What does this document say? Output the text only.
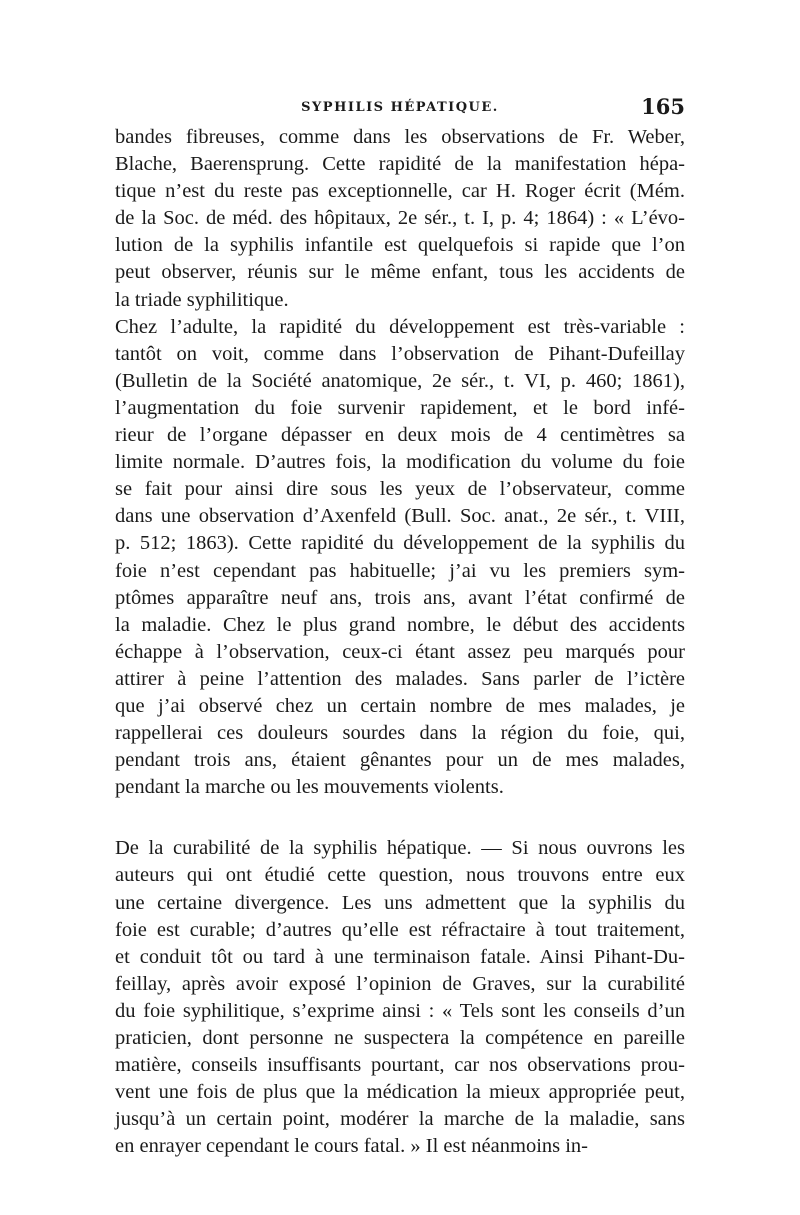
SYPHILIS HÉPATIQUE.	165
bandes fibreuses, comme dans les observations de Fr. Weber,
Blache, Baerensprung. Cette rapidité de la manifestation hépa-
tique n’est du reste pas exceptionnelle, car H. Roger écrit (Mém.
de la Soc. de méd. des hôpitaux, 2e sér., t. I, p. 4; 1864) : « L’évo-
lution de la syphilis infantile est quelquefois si rapide que l’on
peut observer, réunis sur le même enfant, tous les accidents de
la triade syphilitique.
Chez l’adulte, la rapidité du développement est très-variable :
tantôt on voit, comme dans l’observation de Pihant-Dufeillay
(Bulletin de la Société anatomique, 2e sér., t. VI, p. 460; 1861),
l’augmentation du foie survenir rapidement, et le bord infé-
rieur de l’organe dépasser en deux mois de 4 centimètres sa
limite normale. D’autres fois, la modification du volume du foie
se fait pour ainsi dire sous les yeux de l’observateur, comme
dans une observation d’Axenfeld (Bull. Soc. anat., 2e sér., t. VIII,
p. 512; 1863). Cette rapidité du développement de la syphilis du
foie n’est cependant pas habituelle; j’ai vu les premiers sym-
ptômes apparaître neuf ans, trois ans, avant l’état confirmé de
la maladie. Chez le plus grand nombre, le début des accidents
échappe à l’observation, ceux-ci étant assez peu marqués pour
attirer à peine l’attention des malades. Sans parler de l’ictère
que j’ai observé chez un certain nombre de mes malades, je
rappellerai ces douleurs sourdes dans la région du foie, qui,
pendant trois ans, étaient gênantes pour un de mes malades,
pendant la marche ou les mouvements violents.
De la curabilité de la syphilis hépatique. — Si nous ouvrons les
auteurs qui ont étudié cette question, nous trouvons entre eux
une certaine divergence. Les uns admettent que la syphilis du
foie est curable; d’autres qu’elle est réfractaire à tout traitement,
et conduit tôt ou tard à une terminaison fatale. Ainsi Pihant-Du-
feillay, après avoir exposé l’opinion de Graves, sur la curabilité
du foie syphilitique, s’exprime ainsi : « Tels sont les conseils d’un
praticien, dont personne ne suspectera la compétence en pareille
matière, conseils insuffisants pourtant, car nos observations prou-
vent une fois de plus que la médication la mieux appropriée peut,
jusqu’à un certain point, modérer la marche de la maladie, sans
en enrayer cependant le cours fatal. » Il est néanmoins in-
